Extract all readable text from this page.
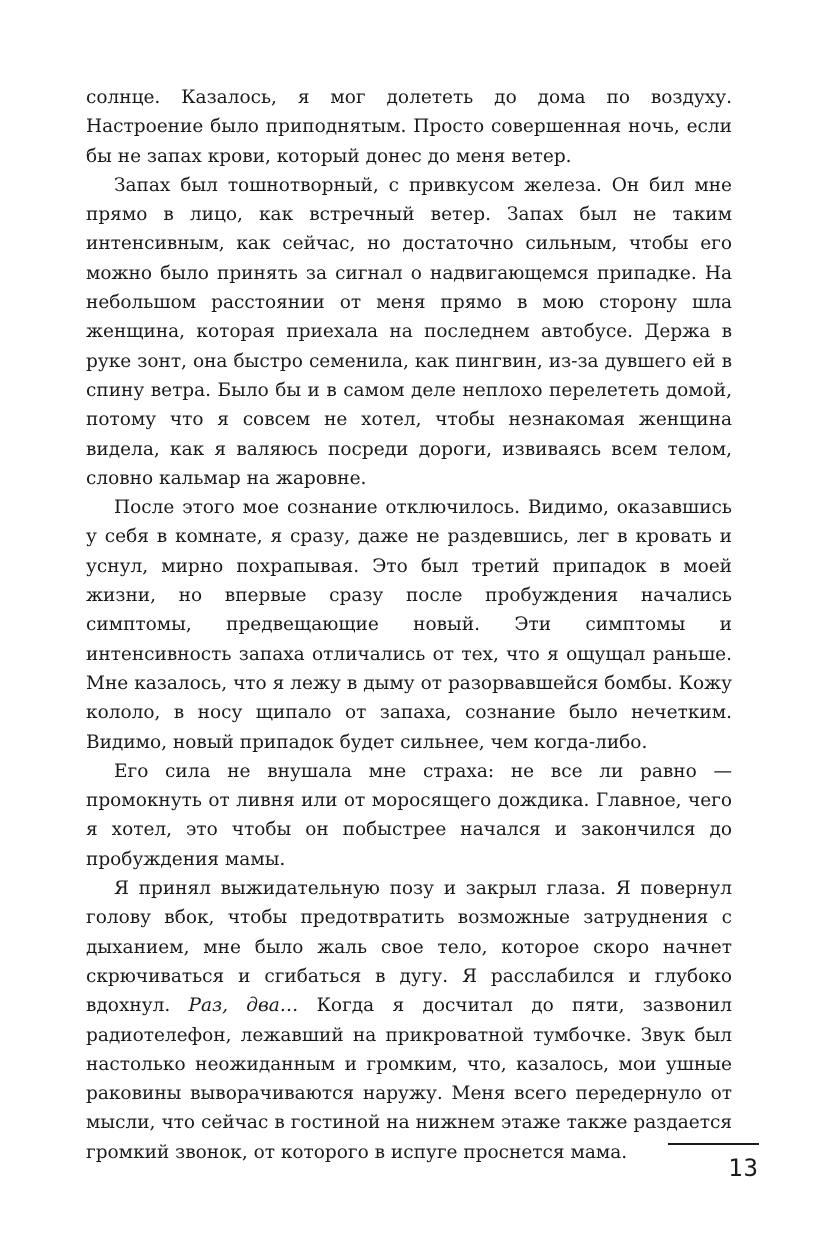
солнце. Казалось, я мог долететь до дома по воздуху. Настроение было приподнятым. Просто совершенная ночь, если бы не запах крови, который донес до меня ветер.

Запах был тошнотворный, с привкусом железа. Он бил мне прямо в лицо, как встречный ветер. Запах был не таким интенсивным, как сейчас, но достаточно сильным, чтобы его можно было принять за сигнал о надвигающемся припадке. На небольшом расстоянии от меня прямо в мою сторону шла женщина, которая приехала на последнем автобусе. Держа в руке зонт, она быстро семенила, как пингвин, из-за дувшего ей в спину ветра. Было бы и в самом деле неплохо перелететь домой, потому что я совсем не хотел, чтобы незнакомая женщина видела, как я валяюсь посреди дороги, извиваясь всем телом, словно кальмар на жаровне.

После этого мое сознание отключилось. Видимо, оказавшись у себя в комнате, я сразу, даже не раздевшись, лег в кровать и уснул, мирно похрапывая. Это был третий припадок в моей жизни, но впервые сразу после пробуждения начались симптомы, предвещающие новый. Эти симптомы и интенсивность запаха отличались от тех, что я ощущал раньше. Мне казалось, что я лежу в дыму от разорвавшейся бомбы. Кожу кололо, в носу щипало от запаха, сознание было нечетким. Видимо, новый припадок будет сильнее, чем когда-либо.

Его сила не внушала мне страха: не все ли равно — промокнуть от ливня или от моросящего дождика. Главное, чего я хотел, это чтобы он побыстрее начался и закончился до пробуждения мамы.

Я принял выжидательную позу и закрыл глаза. Я повернул голову вбок, чтобы предотвратить возможные затруднения с дыханием, мне было жаль свое тело, которое скоро начнет скрючиваться и сгибаться в дугу. Я расслабился и глубоко вдохнул. Раз, два… Когда я досчитал до пяти, зазвонил радиотелефон, лежавший на прикроватной тумбочке. Звук был настолько неожиданным и громким, что, казалось, мои ушные раковины выворачиваются наружу. Меня всего передернуло от мысли, что сейчас в гостиной на нижнем этаже также раздается громкий звонок, от которого в испуге проснется мама.

13
